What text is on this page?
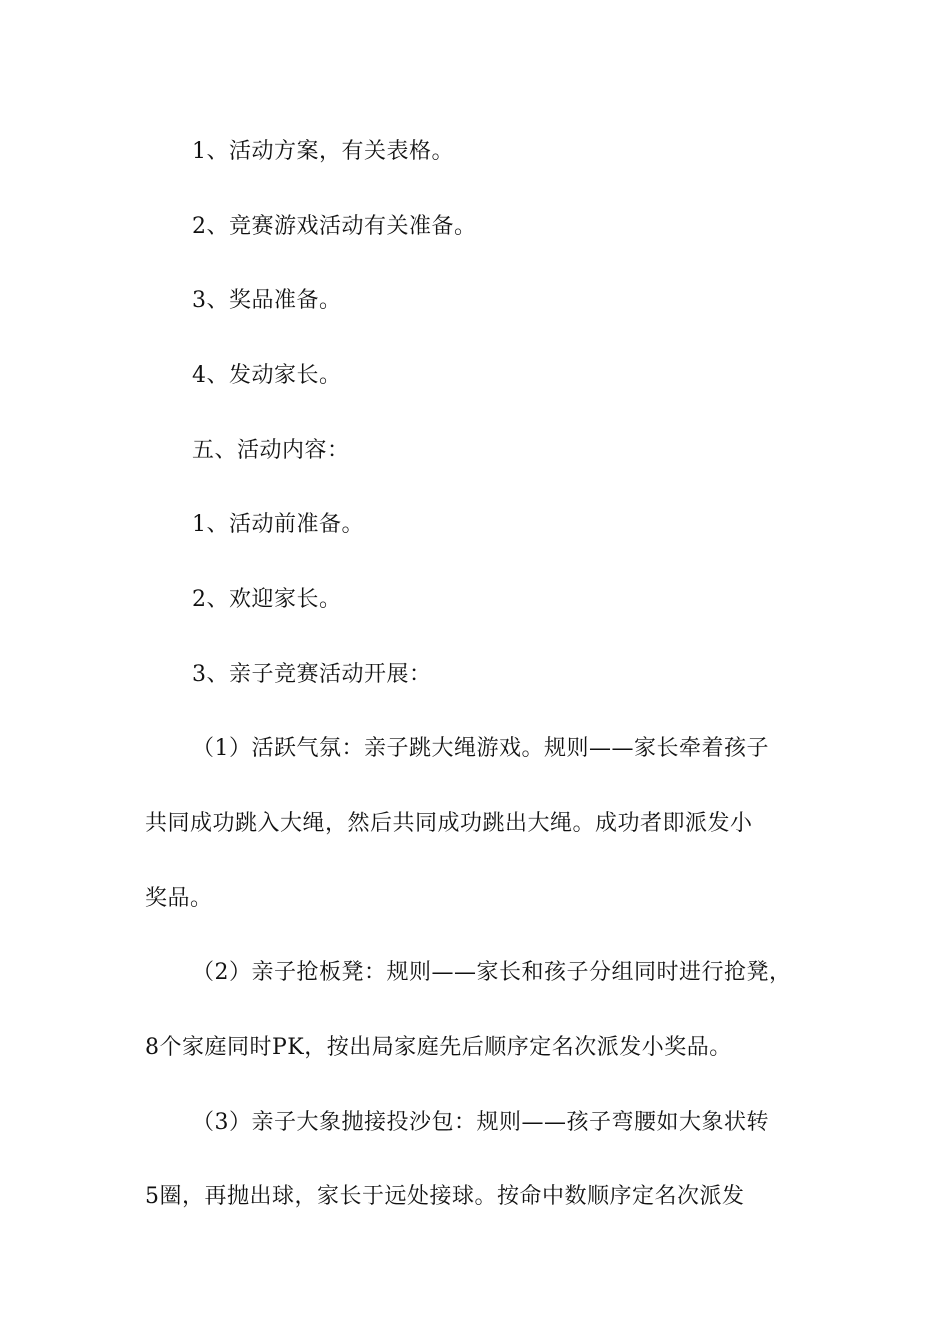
1、活动方案，有关表格。
2、竞赛游戏活动有关准备。
3、奖品准备。
4、发动家长。
五、活动内容：
1、活动前准备。
2、欢迎家长。
3、亲子竞赛活动开展：
（1）活跃气氛：亲子跳大绳游戏。规则——家长牵着孩子
共同成功跳入大绳，然后共同成功跳出大绳。成功者即派发小
奖品。
（2）亲子抢板凳：规则——家长和孩子分组同时进行抢凳，
8个家庭同时PK，按出局家庭先后顺序定名次派发小奖品。
（3）亲子大象抛接投沙包：规则——孩子弯腰如大象状转
5圈，再抛出球，家长于远处接球。按命中数顺序定名次派发
